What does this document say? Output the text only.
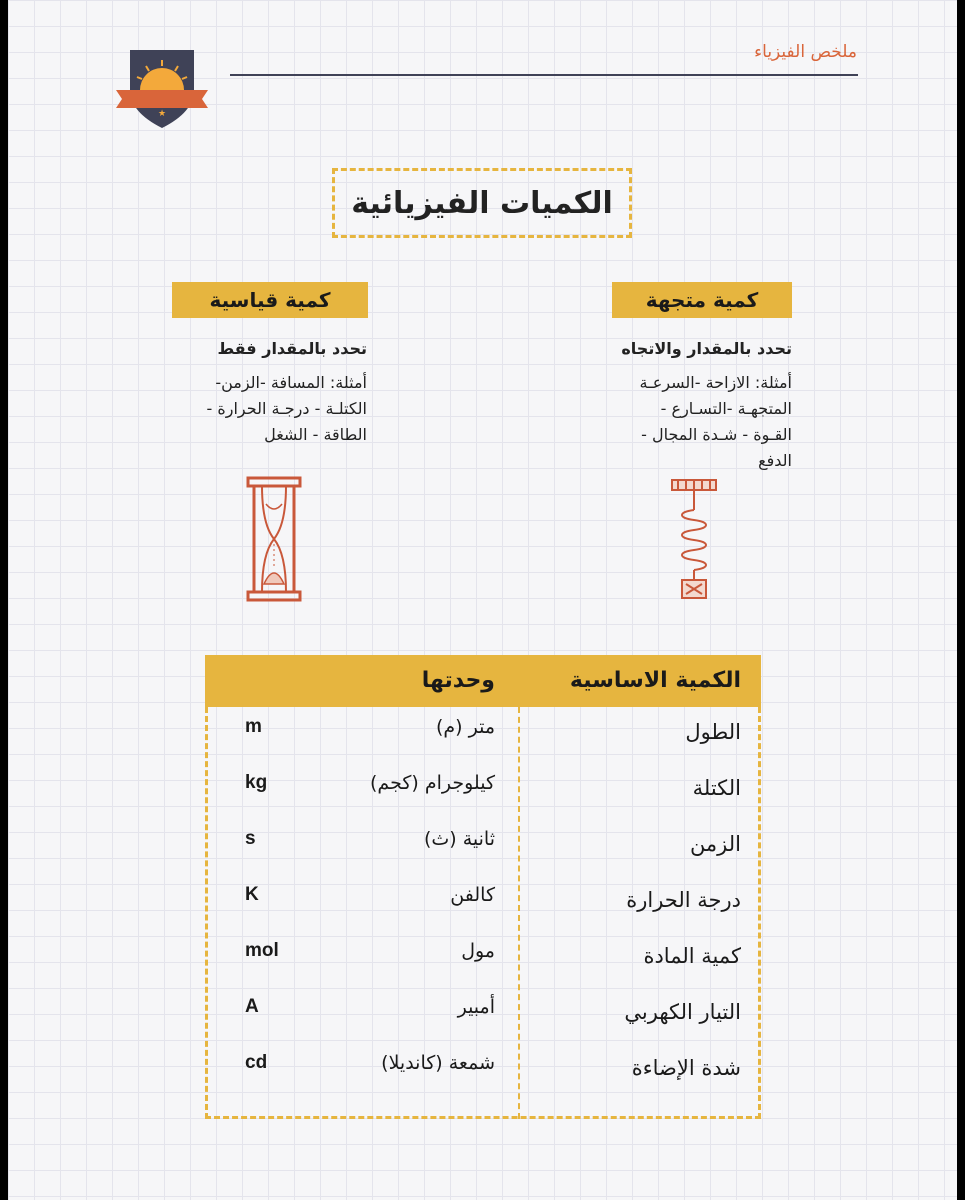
ملخص الفيزياء
★
الكميات الفيزيائية
كمية متجهة
تحدد بالمقدار والاتجاه
أمثلة: الازاحة -السرعـة
المتجهـة -التسـارع -
القـوة - شـدة المجال -
الدفع
كمية قياسية
تحدد بالمقدار فقط
أمثلة: المسافة -الزمن-
الكتلـة - درجـة الحرارة -
الطاقة - الشغل
الكمية الاساسية
وحدتها
الطول
متر (م)
m
الكتلة
كيلوجرام (كجم)
kg
الزمن
ثانية (ث)
s
درجة الحرارة
كالفن
K
كمية المادة
مول
mol
التيار الكهربي
أمبير
A
شدة الإضاءة
شمعة (كانديلا)
cd
